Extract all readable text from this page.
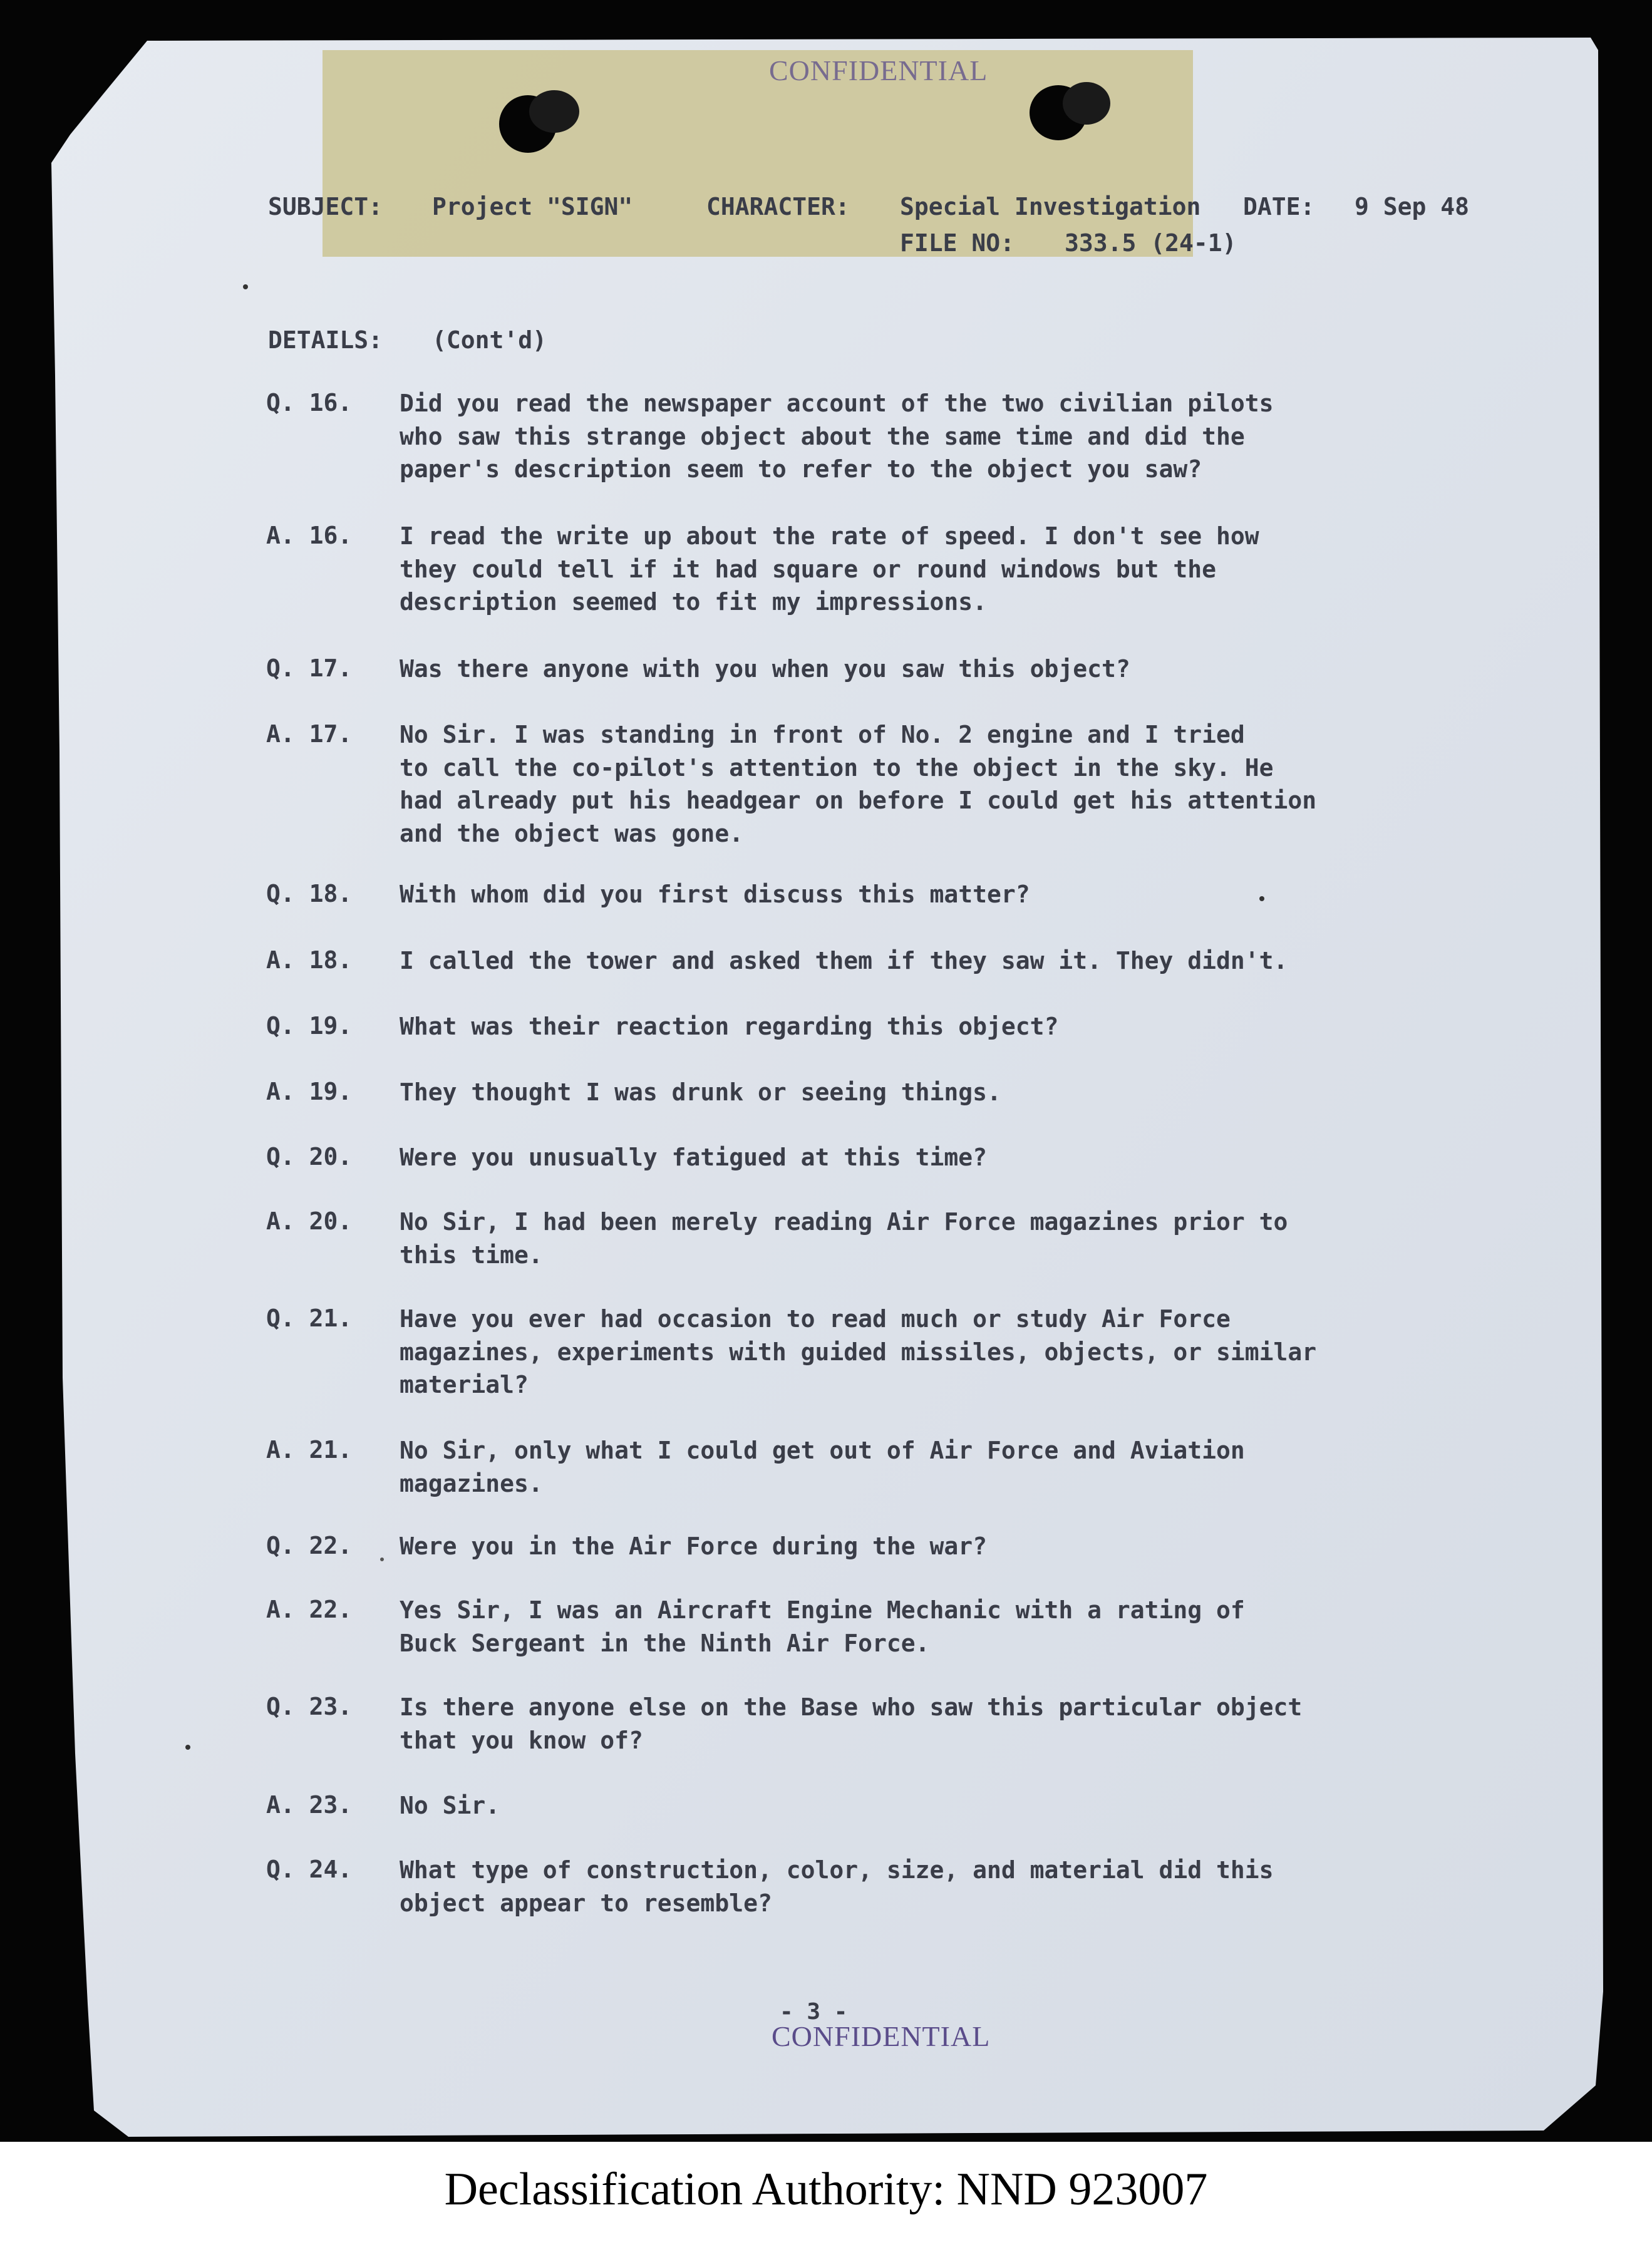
CONFIDENTIAL
SUBJECT: Project "SIGN"	CHARACTER: Special Investigation DATE: 9 Sep 48
FILE NO: 333.5 (24-1)
DETAILS: (Cont'd)
Q. 16. Did you read the newspaper account of the two civilian pilots
who saw this strange object about the same time and did the
paper's description seem to refer to the object you saw?
A. 16. I read the write up about the rate of speed. I don't see how
they could tell if it had square or round windows but the
description seemed to fit my impressions.
Q. 17. Was there anyone with you when you saw this object?
A. 17. No Sir. I was standing in front of No. 2 engine and I tried
to call the co-pilot's attention to the object in the sky. He
had already put his headgear on before I could get his attention
and the object was gone.
Q. 18. With whom did you first discuss this matter?
A. 18. I called the tower and asked them if they saw it. They didn't.
Q. 19. What was their reaction regarding this object?
A. 19. They thought I was drunk or seeing things.
Q. 20. Were you unusually fatigued at this time?
A. 20. No Sir, I had been merely reading Air Force magazines prior to
this time.
Q. 21. Have you ever had occasion to read much or study Air Force
magazines, experiments with guided missiles, objects, or similar
material?
A. 21. No Sir, only what I could get out of Air Force and Aviation
magazines.
Q. 22. Were you in the Air Force during the war?
A. 22. Yes Sir, I was an Aircraft Engine Mechanic with a rating of
Buck Sergeant in the Ninth Air Force.
Q. 23. Is there anyone else on the Base who saw this particular object
that you know of?
A. 23. No Sir.
Q. 24. What type of construction, color, size, and material did this
object appear to resemble?
- 3 -
CONFIDENTIAL
Declassification Authority: NND 923007
